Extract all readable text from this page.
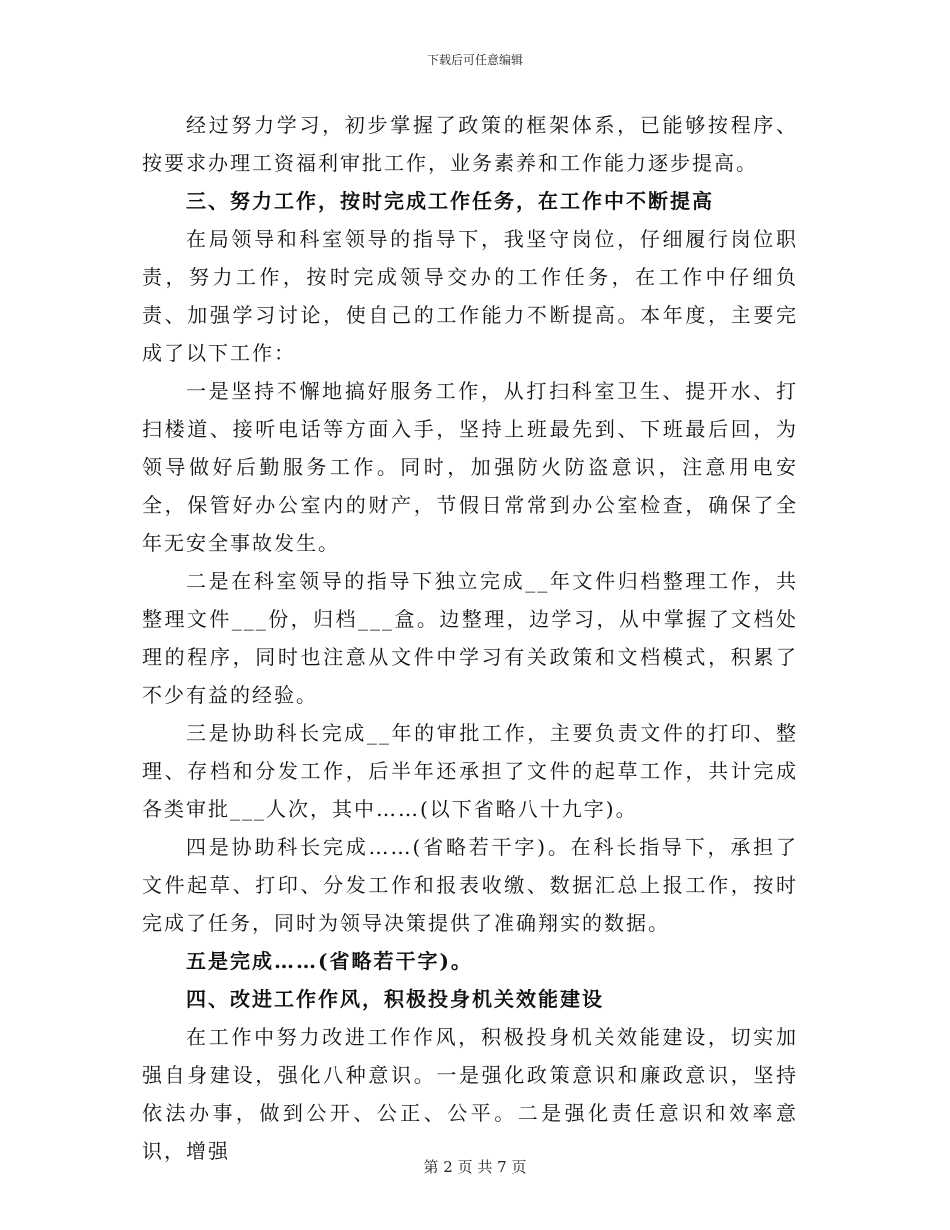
下载后可任意编辑

经过努力学习，初步掌握了政策的框架体系，已能够按程序、按要求办理工资福利审批工作，业务素养和工作能力逐步提高。

三、努力工作，按时完成工作任务，在工作中不断提高

在局领导和科室领导的指导下，我坚守岗位，仔细履行岗位职责，努力工作，按时完成领导交办的工作任务，在工作中仔细负责、加强学习讨论，使自己的工作能力不断提高。本年度，主要完成了以下工作：

一是坚持不懈地搞好服务工作，从打扫科室卫生、提开水、打扫楼道、接听电话等方面入手，坚持上班最先到、下班最后回，为领导做好后勤服务工作。同时，加强防火防盗意识，注意用电安全，保管好办公室内的财产，节假日常常到办公室检查，确保了全年无安全事故发生。

二是在科室领导的指导下独立完成__年文件归档整理工作，共整理文件___份，归档___盒。边整理，边学习，从中掌握了文档处理的程序，同时也注意从文件中学习有关政策和文档模式，积累了不少有益的经验。

三是协助科长完成__年的审批工作，主要负责文件的打印、整理、存档和分发工作，后半年还承担了文件的起草工作，共计完成各类审批___人次，其中……(以下省略八十九字)。

四是协助科长完成……(省略若干字)。在科长指导下，承担了文件起草、打印、分发工作和报表收缴、数据汇总上报工作，按时完成了任务，同时为领导决策提供了准确翔实的数据。

五是完成……(省略若干字)。

四、改进工作作风，积极投身机关效能建设

在工作中努力改进工作作风，积极投身机关效能建设，切实加强自身建设，强化八种意识。一是强化政策意识和廉政意识，坚持依法办事，做到公开、公正、公平。二是强化责任意识和效率意识，增强

第 2 页 共 7 页
